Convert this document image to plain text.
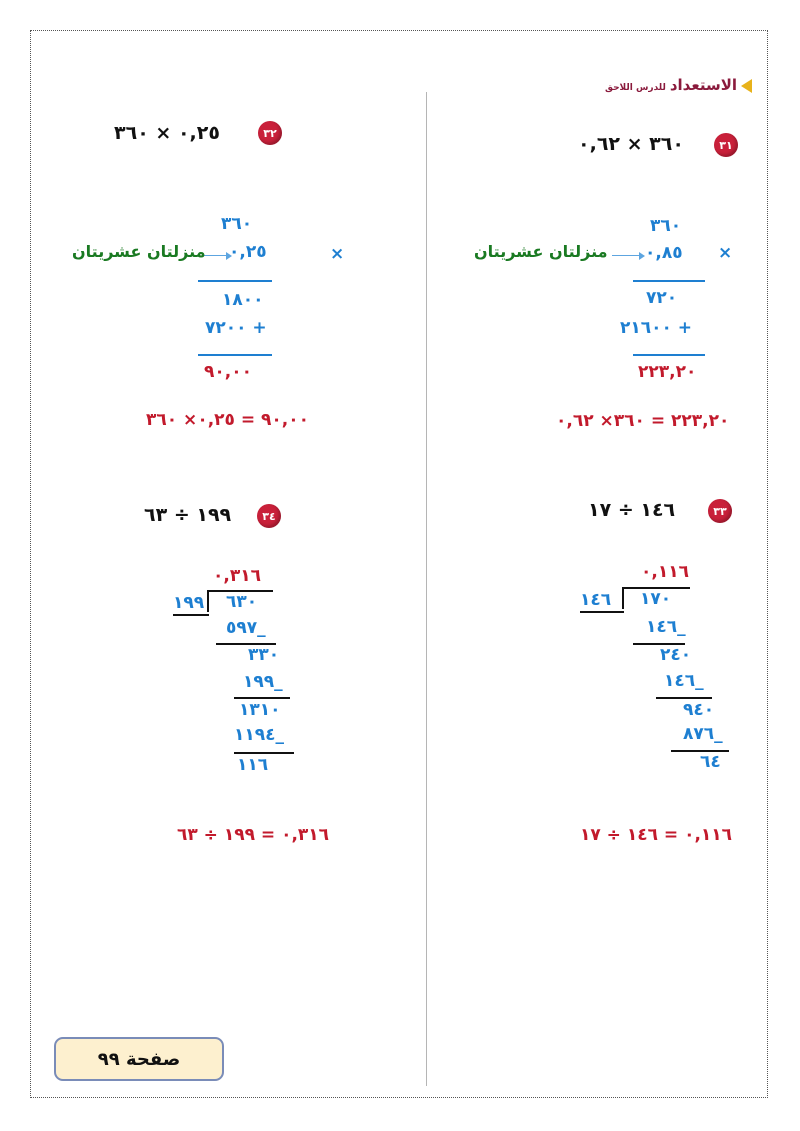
الاستعدادللدرس اللاحق
٣١
٣٦٠ × ٠,٦٢
٣٦٠
٠,٨٥ ×
منزلتان عشريتان
٧٢٠
٢١٦٠٠ +
٢٢٣,٢٠
٢٢٣,٢٠ = ٣٦٠× ٠,٦٢
٣٢
٠,٢٥ × ٣٦٠
٣٦٠
٠,٢٥	×
منزلتان عشريتان
١٨٠٠
٧٢٠٠ +
٩٠,٠٠
٩٠,٠٠ = ٠,٢٥× ٣٦٠
٣٣
١٤٦ ÷ ١٧
٠,١١٦
١٧٠
١٤٦
١٤٦_
٢٤٠
١٤٦_
٩٤٠
٨٧٦_
٦٤
٠,١١٦ = ١٤٦ ÷ ١٧
٣٤
١٩٩ ÷ ٦٣
٠,٣١٦
٦٣٠
١٩٩
٥٩٧_
٣٣٠
١٩٩_
١٣١٠
١١٩٤_
١١٦
٠,٣١٦ = ١٩٩ ÷ ٦٣
صفحة ٩٩
